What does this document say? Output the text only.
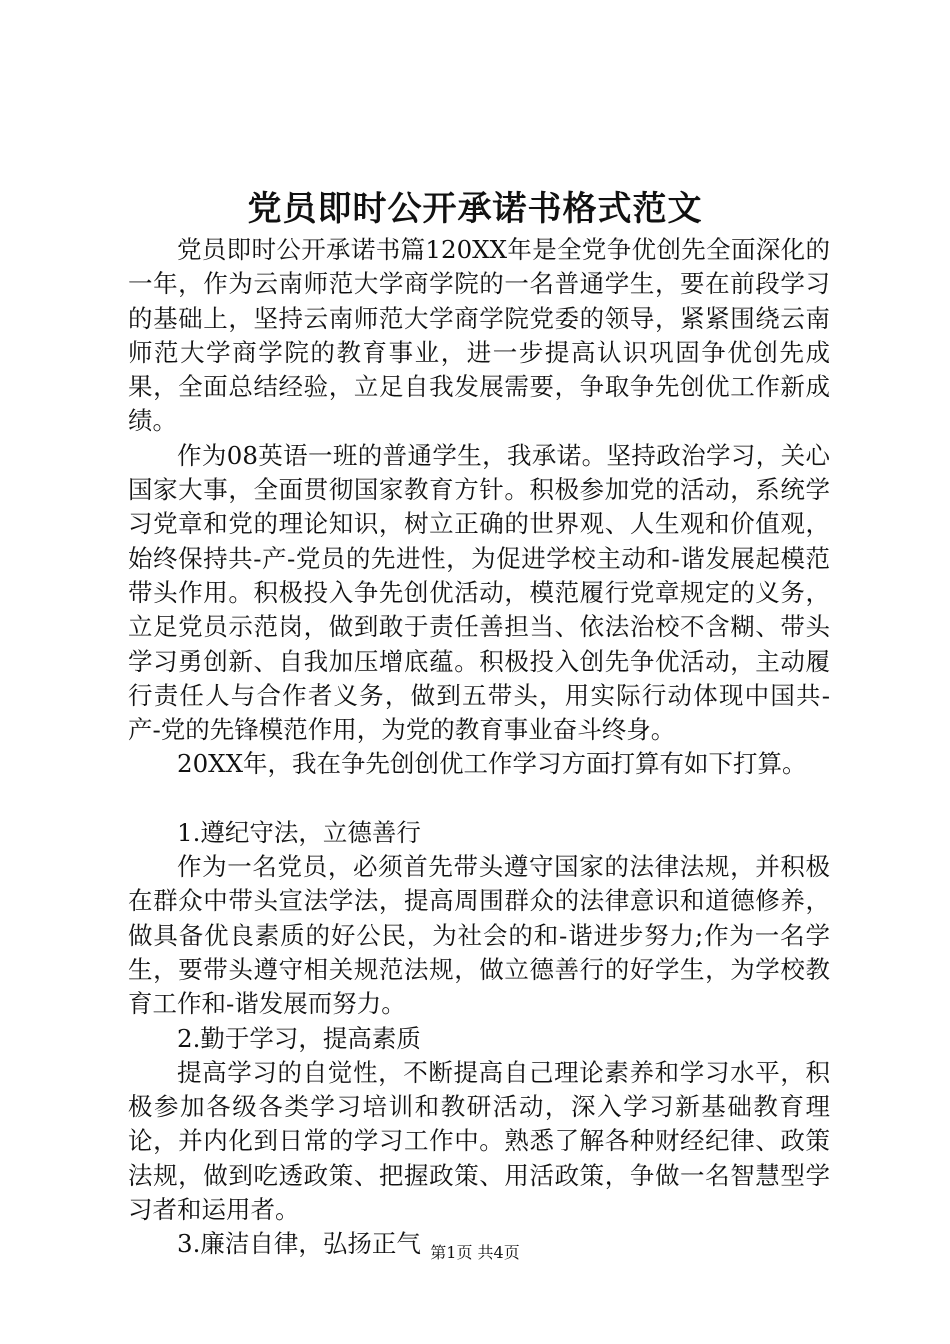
党员即时公开承诺书格式范文

党员即时公开承诺书篇120XX年是全党争优创先全面深化的一年，作为云南师范大学商学院的一名普通学生，要在前段学习的基础上，坚持云南师范大学商学院党委的领导，紧紧围绕云南师范大学商学院的教育事业，进一步提高认识巩固争优创先成果，全面总结经验，立足自我发展需要，争取争先创优工作新成绩。

作为08英语一班的普通学生，我承诺。坚持政治学习，关心国家大事，全面贯彻国家教育方针。积极参加党的活动，系统学习党章和党的理论知识，树立正确的世界观、人生观和价值观，始终保持共-产-党员的先进性，为促进学校主动和-谐发展起模范带头作用。积极投入争先创优活动，模范履行党章规定的义务，立足党员示范岗，做到敢于责任善担当、依法治校不含糊、带头学习勇创新、自我加压增底蕴。积极投入创先争优活动，主动履行责任人与合作者义务，做到五带头，用实际行动体现中国共-产-党的先锋模范作用，为党的教育事业奋斗终身。

20XX年，我在争先创创优工作学习方面打算有如下打算。

1.遵纪守法，立德善行

作为一名党员，必须首先带头遵守国家的法律法规，并积极在群众中带头宣法学法，提高周围群众的法律意识和道德修养，做具备优良素质的好公民，为社会的和-谐进步努力;作为一名学生，要带头遵守相关规范法规，做立德善行的好学生，为学校教育工作和-谐发展而努力。

2.勤于学习，提高素质

提高学习的自觉性，不断提高自己理论素养和学习水平，积极参加各级各类学习培训和教研活动，深入学习新基础教育理论，并内化到日常的学习工作中。熟悉了解各种财经纪律、政策法规，做到吃透政策、把握政策、用活政策，争做一名智慧型学习者和运用者。

3.廉洁自律，弘扬正气 第1页 共4页
